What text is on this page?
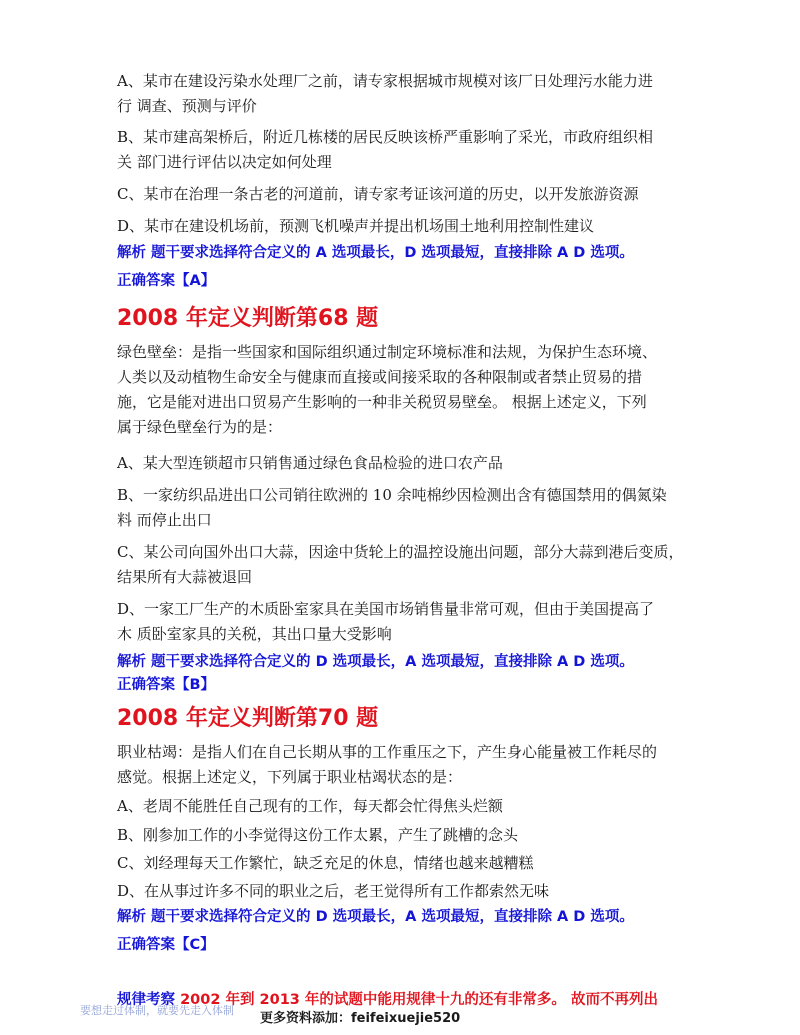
A、某市在建设污染水处理厂之前，请专家根据城市规模对该厂日处理污水能力进
行 调查、预测与评价
B、某市建高架桥后，附近几栋楼的居民反映该桥严重影响了采光，市政府组织相
关 部门进行评估以决定如何处理
C、某市在治理一条古老的河道前，请专家考证该河道的历史，以开发旅游资源
D、某市在建设机场前，预测飞机噪声并提出机场围土地利用控制性建议
解析 题干要求选择符合定义的 A 选项最长，D 选项最短，直接排除 A D 选项。
正确答案【A】
2008 年定义判断第68 题
绿色壁垒：是指一些国家和国际组织通过制定环境标准和法规，为保护生态环境、
人类以及动植物生命安全与健康而直接或间接采取的各种限制或者禁止贸易的措
施，它是能对进出口贸易产生影响的一种非关税贸易壁垒。 根据上述定义，下列
属于绿色壁垒行为的是：
A、某大型连锁超市只销售通过绿色食品检验的进口农产品
B、一家纺织品进出口公司销往欧洲的 10 余吨棉纱因检测出含有德国禁用的偶氮染
料 而停止出口
C、某公司向国外出口大蒜，因途中货轮上的温控设施出问题，部分大蒜到港后变质，
结果所有大蒜被退回
D、一家工厂生产的木质卧室家具在美国市场销售量非常可观，但由于美国提高了
木 质卧室家具的关税，其出口量大受影响
解析 题干要求选择符合定义的 D 选项最长，A 选项最短，直接排除 A D 选项。
正确答案【B】
2008 年定义判断第70 题
职业枯竭：是指人们在自己长期从事的工作重压之下，产生身心能量被工作耗尽的
感觉。根据上述定义，下列属于职业枯竭状态的是：
A、老周不能胜任自己现有的工作，每天都会忙得焦头烂额
B、刚参加工作的小李觉得这份工作太累，产生了跳槽的念头
C、刘经理每天工作繁忙，缺乏充足的休息，情绪也越来越糟糕
D、在从事过许多不同的职业之后，老王觉得所有工作都索然无味
解析 题干要求选择符合定义的 D 选项最长，A 选项最短，直接排除 A D 选项。
正确答案【C】
规律考察 2002 年到 2013 年的试题中能用规律十九的还有非常多。 故而不再列出
要想走过体制，就要先走入体制
更多资料添加：feifeixuejie520
